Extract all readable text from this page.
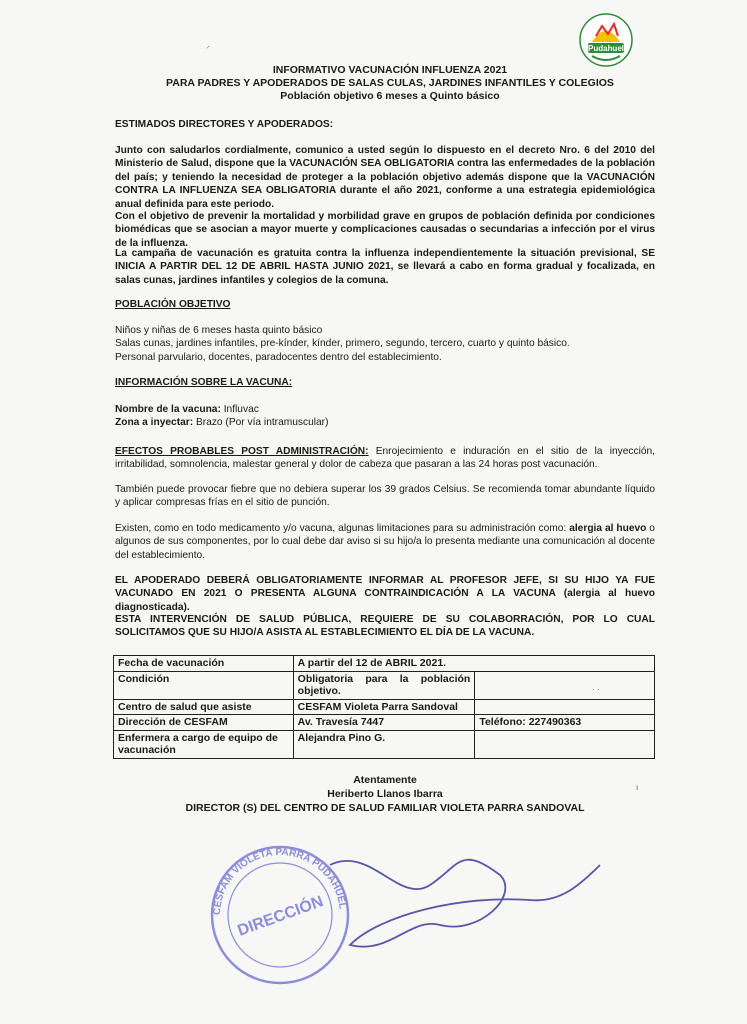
Pudahuel
INFORMATIVO VACUNACIÓN INFLUENZA 2021
PARA PADRES Y APODERADOS DE SALAS CULAS, JARDINES INFANTILES Y COLEGIOS
Población objetivo 6 meses a Quinto básico
ESTIMADOS DIRECTORES Y APODERADOS:
Junto con saludarlos cordialmente, comunico a usted según lo dispuesto en el decreto Nro. 6 del 2010 del Ministerio de Salud, dispone que la VACUNACIÓN SEA OBLIGATORIA contra las enfermedades de la población del país; y teniendo la necesidad de proteger a la población objetivo además dispone que la VACUNACIÓN CONTRA LA INFLUENZA SEA OBLIGATORIA durante el año 2021, conforme a una estrategia epidemiológica anual definida para este periodo.
Con el objetivo de prevenir la mortalidad y morbilidad grave en grupos de población definida por condiciones biomédicas que se asocian a mayor muerte y complicaciones causadas o secundarias a infección por el virus de la influenza.
La campaña de vacunación es gratuita contra la influenza independientemente la situación previsional, SE INICIA A PARTIR DEL 12 DE ABRIL HASTA JUNIO 2021, se llevará a cabo en forma gradual y focalizada, en salas cunas, jardines infantiles y colegios de la comuna.
POBLACIÓN OBJETIVO
Niños y niñas de 6 meses hasta quinto básico
Salas cunas, jardines infantiles, pre-kínder, kínder, primero, segundo, tercero, cuarto y quinto básico.
Personal parvulario, docentes, paradocentes dentro del establecimiento.
INFORMACIÓN SOBRE LA VACUNA:
Nombre de la vacuna: Influvac
Zona a inyectar: Brazo (Por vía intramuscular)
EFECTOS PROBABLES POST ADMINISTRACIÓN: Enrojecimiento e induración en el sitio de la inyección, irritabilidad, somnolencia, malestar general y dolor de cabeza que pasaran a las 24 horas post vacunación.
También puede provocar fiebre que no debiera superar los 39 grados Celsius. Se recomienda tomar abundante líquido y aplicar compresas frías en el sitio de punción.
Existen, como en todo medicamento y/o vacuna, algunas limitaciones para su administración como: alergia al huevo o algunos de sus componentes, por lo cual debe dar aviso si su hijo/a lo presenta mediante una comunicación al docente del establecimiento.
EL APODERADO DEBERÁ OBLIGATORIAMENTE INFORMAR AL PROFESOR JEFE, SI SU HIJO YA FUE VACUNADO EN 2021 O PRESENTA ALGUNA CONTRAINDICACIÓN A LA VACUNA (alergia al huevo diagnosticada).
ESTA INTERVENCIÓN DE SALUD PÚBLICA, REQUIERE DE SU COLABORRACIÓN, POR LO CUAL SOLICITAMOS QUE SU HIJO/A ASISTA AL ESTABLECIMIENTO EL DÍA DE LA VACUNA.
Fecha de vacunación	A partir del 12 de ABRIL 2021.	
Condición	Obligatoria para la población objetivo.	
Centro de salud que asiste	CESFAM Violeta Parra Sandoval	
Dirección de CESFAM	Av. Travesía 7447	Teléfono: 227490363
Enfermera a cargo de equipo de vacunación	Alejandra Pino G.	
Atentamente
Heriberto Llanos Ibarra
DIRECTOR (S) DEL CENTRO DE SALUD FAMILIAR VIOLETA PARRA SANDOVAL
CESFAM VIOLETA PARRA PUDAHUEL
DIRECCIÓN
⸝
· ·
ı
